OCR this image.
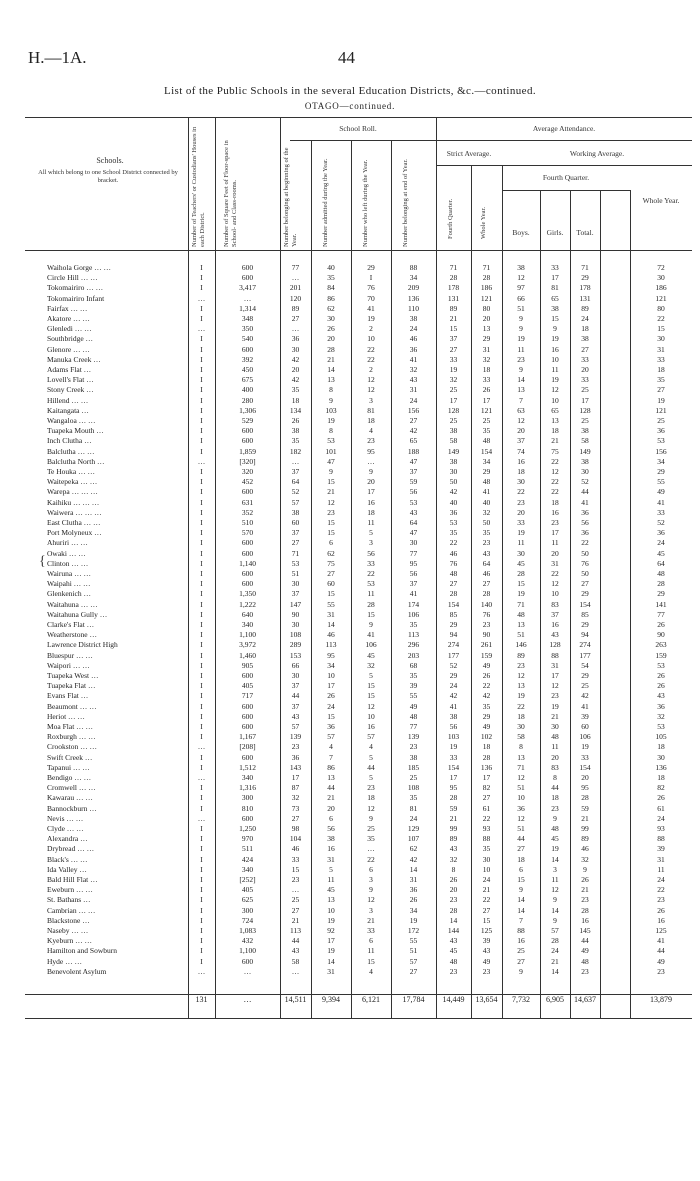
H.—1A.	44
List of the Public Schools in the several Education Districts, &c.—continued.
OTAGO—continued.
Schools.
All which belong to one School District connected by bracket.	Number of Teachers' or Custodians' Houses in each District.	Number of Square Feet of Floor-space in School- and Class-rooms.
School Roll.
Number belonging at beginning of the Year.	Number admitted during the Year.	Number who left during the Year.	Number belonging at end of Year.
Average Attendance.
Strict Average.
Fourth Quarter.	Whole Year.
Working Average.
Fourth Quarter.
Boys.	Girls.	Total.
Whole Year.
Waihola Gorge … …	I	600	77	40	29	88	71	71	38	33	71	72
Circle Hill … …	I	600	…	35	I	34	28	28	12	17	29	30
Tokomairiro … …	I	3,417	201	84	76	209	178	186	97	81	178	186
Tokomairiro Infant	…	…	120	86	70	136	131	121	66	65	131	121
Fairfax … …	I	1,314	89	62	41	110	89	80	51	38	89	80
Akatore … …	I	348	27	30	19	38	21	20	9	15	24	22
Glenledi … …	…	350	…	26	2	24	15	13	9	9	18	15
Southbridge …	I	540	36	20	10	46	37	29	19	19	38	30
Glenore … …	I	600	30	28	22	36	27	31	11	16	27	31
Manuka Creek …	I	392	42	21	22	41	33	32	23	10	33	33
Adams Flat …	I	450	20	14	2	32	19	18	9	11	20	18
Lovell's Flat …	I	675	42	13	12	43	32	33	14	19	33	35
Stony Creek …	I	400	35	8	12	31	25	26	13	12	25	27
Hillend … …	I	280	18	9	3	24	17	17	7	10	17	19
Kaitangata …	I	1,306	134	103	81	156	128	121	63	65	128	121
Wangaloa … …	I	529	26	19	18	27	25	25	12	13	25	25
Tuapeka Mouth …	I	600	38	8	4	42	38	35	20	18	38	36
Inch Clutha …	I	600	35	53	23	65	58	48	37	21	58	53
Balclutha … …	I	1,859	182	101	95	188	149	154	74	75	149	156
Balclutha North …	…	[320]	…	47	…	47	38	34	16	22	38	34
Te Houka … …	I	320	37	9	9	37	30	29	18	12	30	29
Waitepeka … …	I	452	64	15	20	59	50	48	30	22	52	55
Warepa … … …	I	600	52	21	17	56	42	41	22	22	44	49
Kaihiku … … …	I	631	57	12	16	53	40	40	23	18	41	41
Waiwera … … …	I	352	38	23	18	43	36	32	20	16	36	33
East Clutha … …	I	510	60	15	11	64	53	50	33	23	56	52
Port Molyneux …	I	570	37	15	5	47	35	35	19	17	36	36
Ahuriri … …	I	600	27	6	3	30	22	23	11	11	22	24
Owaki … …	I	600	71	62	56	77	46	43	30	20	50	45
Clinton … …	I	1,140	53	75	33	95	76	64	45	31	76	64
Wairuna … …	I	600	51	27	22	56	48	46	28	22	50	48
Waipahi … …	I	600	30	60	53	37	27	27	15	12	27	28
Glenkenich …	I	1,350	37	15	11	41	28	28	19	10	29	29
Waitahuna … …	I	1,222	147	55	28	174	154	140	71	83	154	141
Waitahuna Gully …	I	640	90	31	15	106	85	76	48	37	85	77
Clarke's Flat …	I	340	30	14	9	35	29	23	13	16	29	26
Weatherstone …	I	1,100	108	46	41	113	94	90	51	43	94	90
Lawrence District High	I	3,972	289	113	106	296	274	261	146	128	274	263
Bluespur … …	I	1,460	153	95	45	203	177	159	89	88	177	159
Waipori … …	I	905	66	34	32	68	52	49	23	31	54	53
Tuapeka West …	I	600	30	10	5	35	29	26	12	17	29	26
Tuapeka Flat …	I	405	37	17	15	39	24	22	13	12	25	26
Evans Flat …	I	717	44	26	15	55	42	42	19	23	42	43
Beaumont … …	I	600	37	24	12	49	41	35	22	19	41	36
Heriot … …	I	600	43	15	10	48	38	29	18	21	39	32
Moa Flat … …	I	600	57	36	16	77	56	49	30	30	60	53
Roxburgh … …	I	1,167	139	57	57	139	103	102	58	48	106	105
Crookston … …	…	[208]	23	4	4	23	19	18	8	11	19	18
Swift Creek …	I	600	36	7	5	38	33	28	13	20	33	30
Tapanui … …	I	1,512	143	86	44	185	154	136	71	83	154	136
Bendigo … …	…	340	17	13	5	25	17	17	12	8	20	18
Cromwell … …	I	1,316	87	44	23	108	95	82	51	44	95	82
Kawarau … …	I	300	32	21	18	35	28	27	10	18	28	26
Bannockburn …	I	810	73	20	12	81	59	61	36	23	59	61
Nevis … …	…	600	27	6	9	24	21	22	12	9	21	24
Clyde … …	I	1,250	98	56	25	129	99	93	51	48	99	93
Alexandra …	I	970	104	38	35	107	89	88	44	45	89	88
Drybread … …	I	511	46	16	…	62	43	35	27	19	46	39
Black's … …	I	424	33	31	22	42	32	30	18	14	32	31
Ida Valley …	I	340	15	5	6	14	8	10	6	3	9	11
Bald Hill Flat …	I	[252]	23	11	3	31	26	24	15	11	26	24
Eweburn … …	I	405	…	45	9	36	20	21	9	12	21	22
St. Bathans …	I	625	25	13	12	26	23	22	14	9	23	23
Cambrian … …	I	300	27	10	3	34	28	27	14	14	28	26
Blackstone …	I	724	21	19	21	19	14	15	7	9	16	16
Naseby … …	I	1,083	113	92	33	172	144	125	88	57	145	125
Kyeburn … …	I	432	44	17	6	55	43	39	16	28	44	41
Hamilton and Sowburn	I	1,100	43	19	11	51	45	43	25	24	49	44
Hyde … …	I	600	58	14	15	57	48	49	27	21	48	49
Benevolent Asylum	…	…	…	31	4	27	23	23	9	14	23	23
{
131	…	14,511	9,394	6,121	17,784	14,449	13,654	7,732	6,905	14,637	13,879
